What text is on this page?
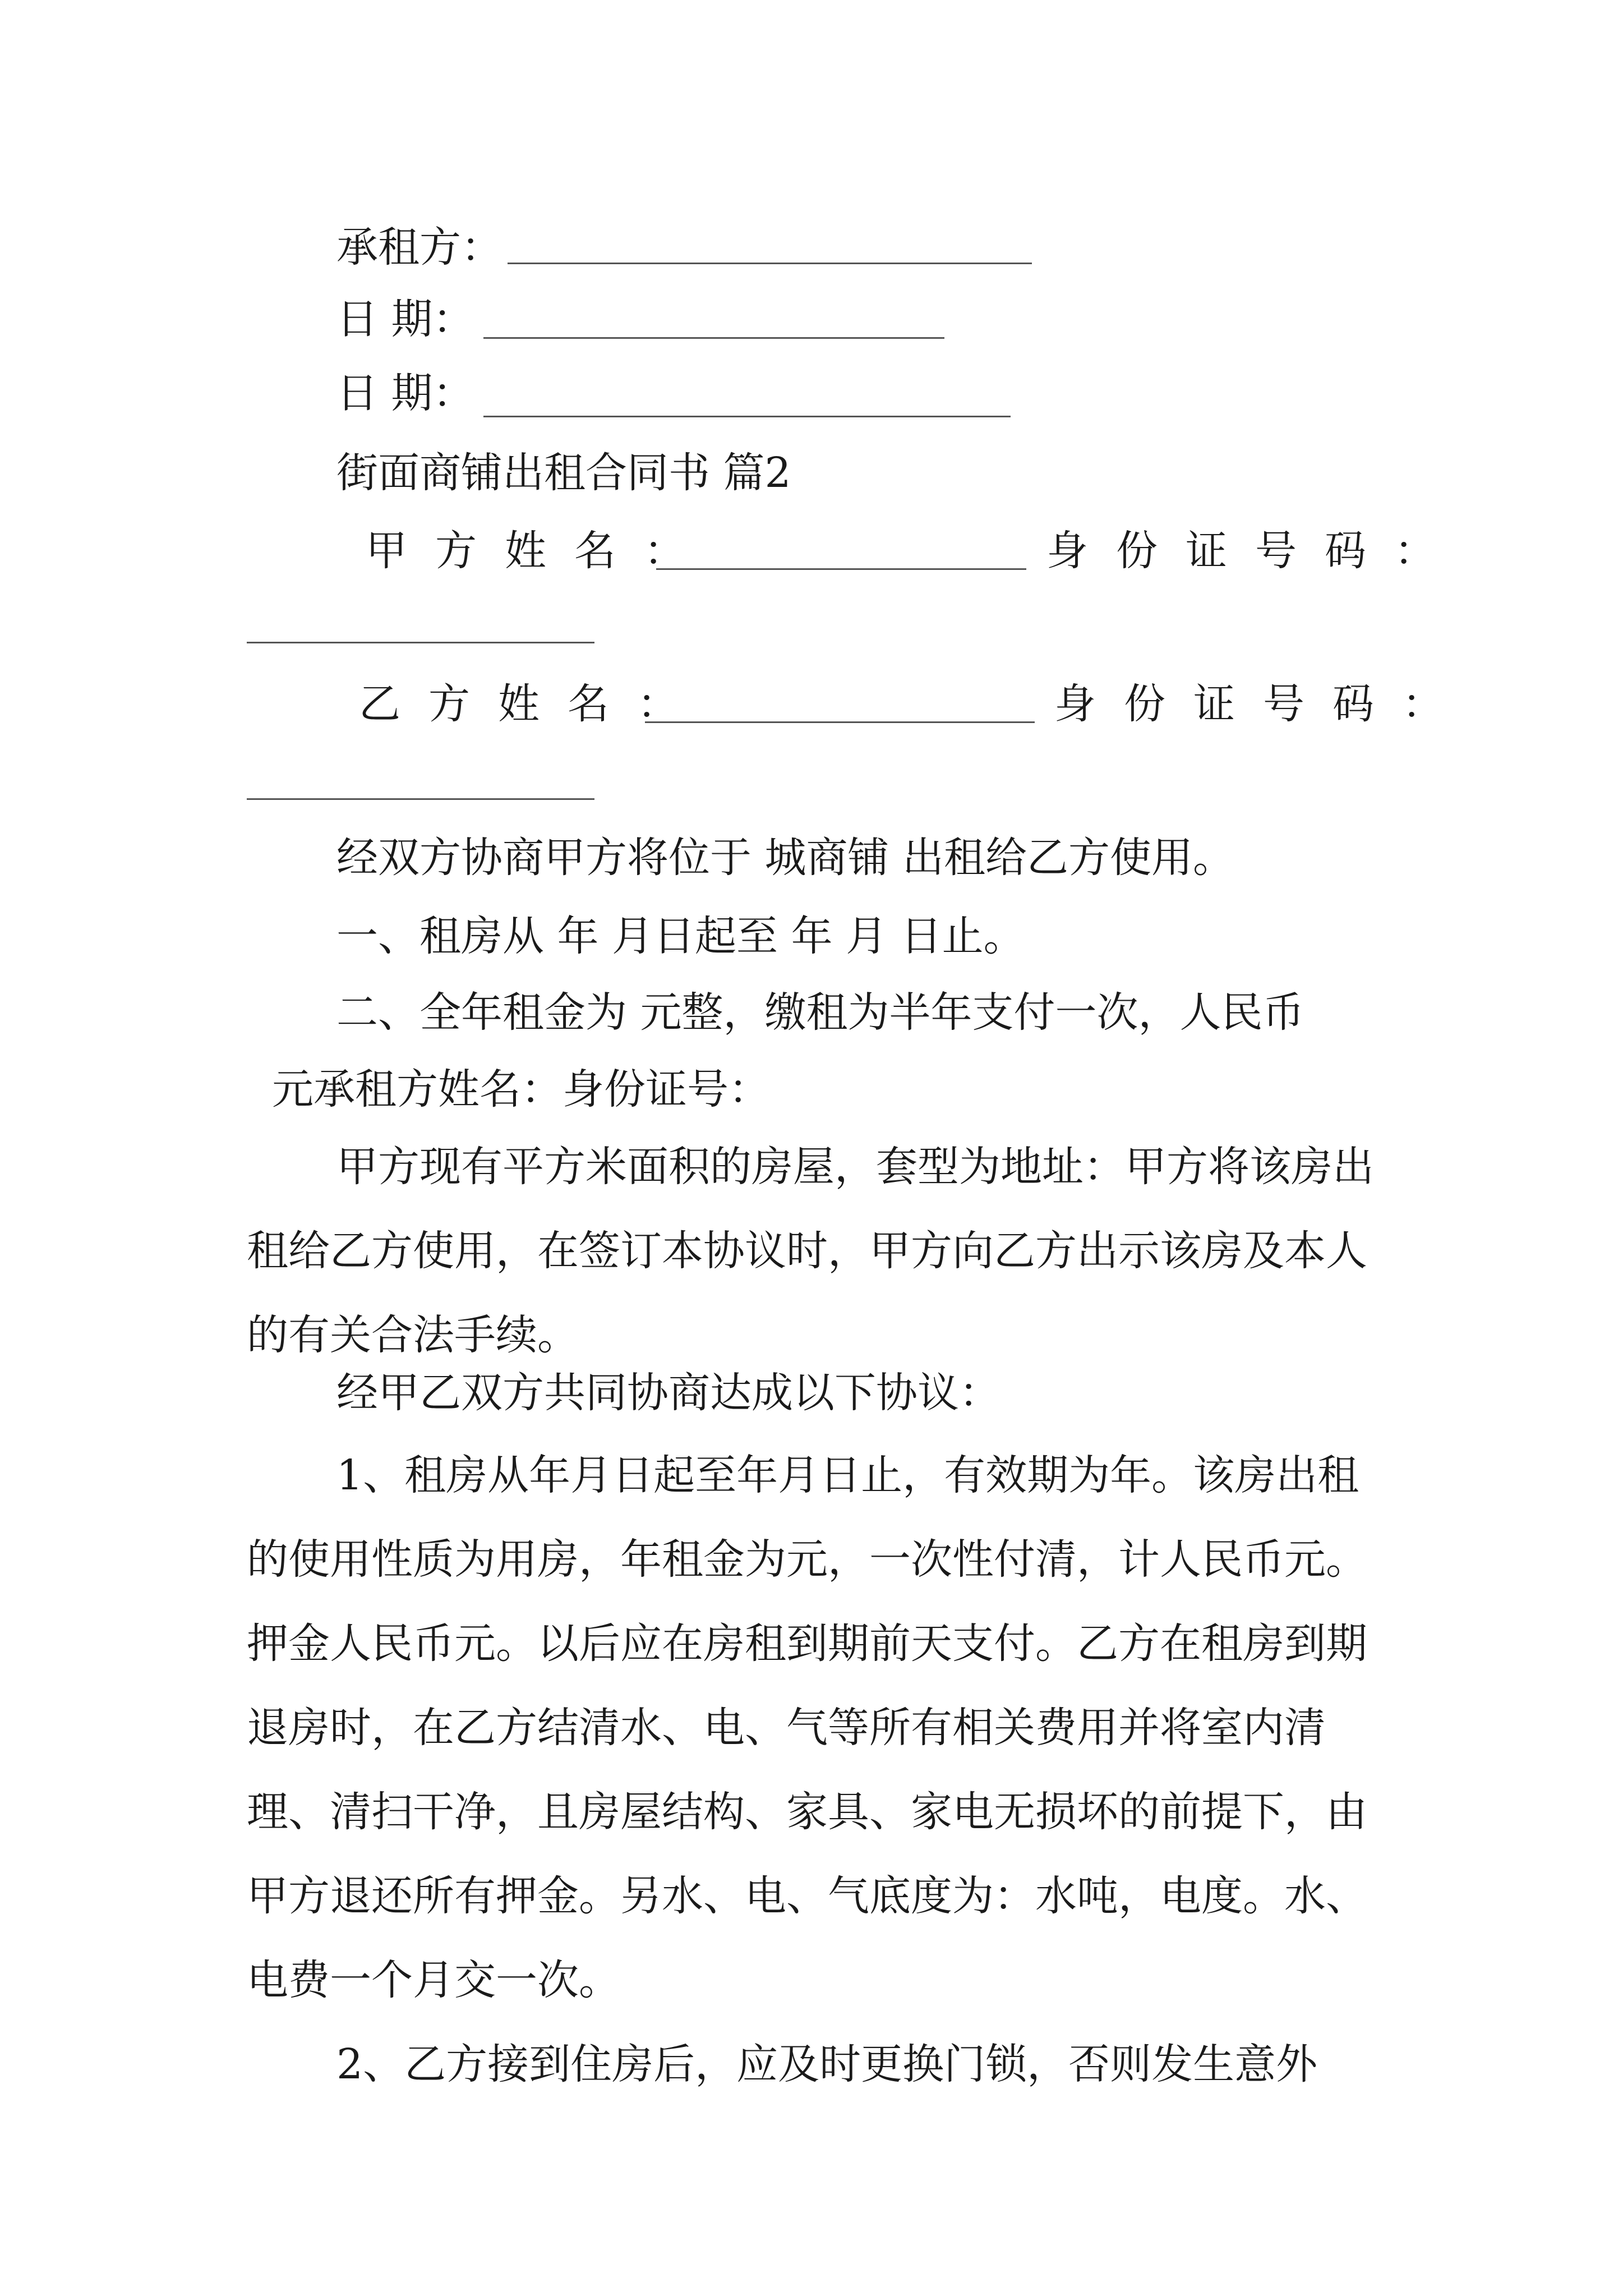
承租方：
日 期：
日 期：
街面商铺出租合同书 篇2
甲方姓名：	身份证号码：
乙方姓名：	身份证号码：
经双方协商甲方将位于 城商铺 出租给乙方使用。
一、租房从 年 月日起至 年 月 日止。
二、全年租金为 元整，缴租为半年支付一次，人民币
元承租方姓名：身份证号：
甲方现有平方米面积的房屋，套型为地址：甲方将该房出租给乙方使用，在签订本协议时，甲方向乙方出示该房及本人的有关合法手续。
经甲乙双方共同协商达成以下协议：
1、租房从年月日起至年月日止，有效期为年。该房出租的使用性质为用房，年租金为元，一次性付清，计人民币元。押金人民币元。以后应在房租到期前天支付。乙方在租房到期退房时，在乙方结清水、电、气等所有相关费用并将室内清理、清扫干净，且房屋结构、家具、家电无损坏的前提下，由甲方退还所有押金。另水、电、气底度为：水吨，电度。水、电费一个月交一次。
2、乙方接到住房后，应及时更换门锁，否则发生意外
